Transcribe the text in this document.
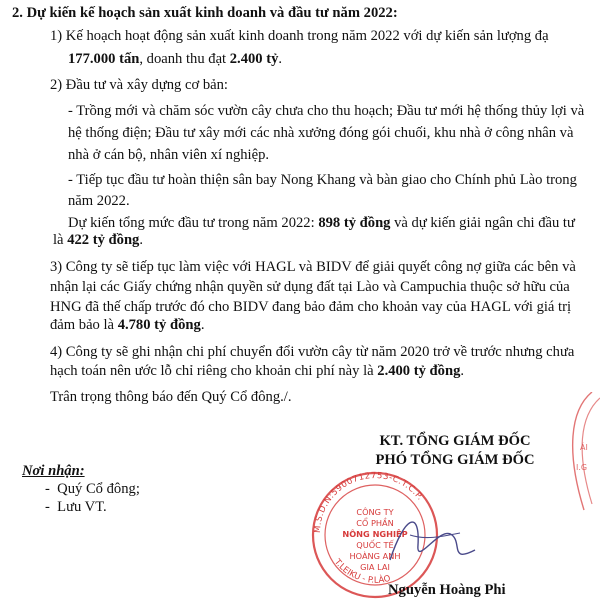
2. Dự kiến kế hoạch sản xuất kinh doanh và đầu tư năm 2022:
1) Kế hoạch hoạt động sản xuất kinh doanh trong năm 2022 với dự kiến sản lượng đạ
177.000 tấn, doanh thu đạt 2.400 tỷ.
2) Đầu tư và xây dựng cơ bản:
- Trồng mới và chăm sóc vườn cây chưa cho thu hoạch; Đầu tư mới hệ thống thủy lợi và
hệ thống điện; Đầu tư xây mới các nhà xưởng đóng gói chuối, khu nhà ở công nhân và
nhà ở cán bộ, nhân viên xí nghiệp.
- Tiếp tục đầu tư hoàn thiện sân bay Nong Khang và bàn giao cho Chính phủ Lào trong
năm 2022.
Dự kiến tổng mức đầu tư trong năm 2022: 898 tỷ đồng và dự kiến giải ngân chi đầu tư
là 422 tỷ đồng.
3) Công ty sẽ tiếp tục làm việc với HAGL và BIDV để giải quyết công nợ giữa các bên và
nhận lại các Giấy chứng nhận quyền sử dụng đất tại Lào và Campuchia thuộc sở hữu của
HNG đã thế chấp trước đó cho BIDV đang bảo đảm cho khoản vay của HAGL với giá trị
đảm bảo là 4.780 tỷ đồng.
4) Công ty sẽ ghi nhận chi phí chuyển đổi vườn cây từ năm 2020 trở về trước nhưng chưa
hạch toán nên ước lỗ chỉ riêng cho khoản chi phí này là 2.400 tỷ đồng.
Trân trọng thông báo đến Quý Cổ đông./.
KT. TỔNG GIÁM ĐỐC
PHÓ TỔNG GIÁM ĐỐC
Nơi nhận:
-  Quý Cổ đông;
-  Lưu VT.
ÁI
I.G
M.S.D.N:5900712753-C.T.C.P.
T.LEIKU - P.LÀO
CÔNG TY
CỔ PHẦN
NÔNG NGHIỆP
QUỐC TẾ
HOÀNG ANH
GIA LAI
Nguyễn Hoàng Phi
